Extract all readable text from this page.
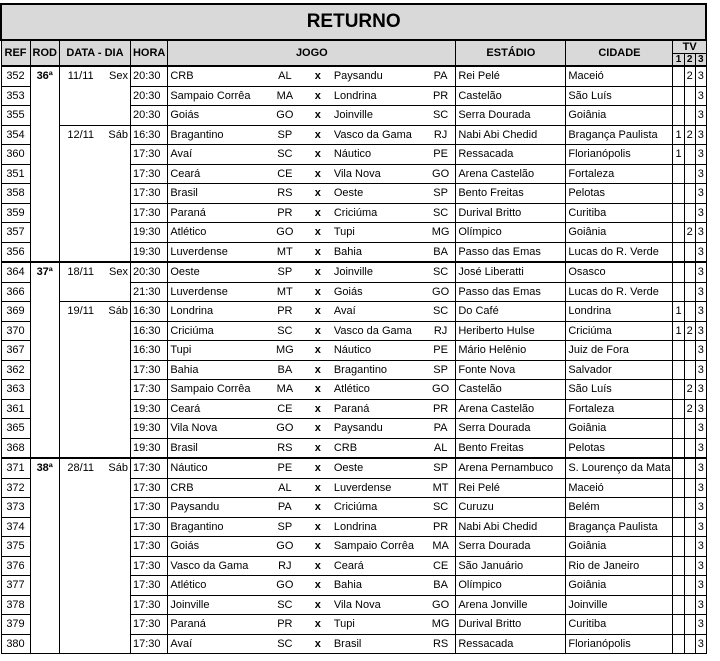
RETURNO														
REF	ROD	DATA - DIA		HORA	JOGO					ESTÁDIO	CIDADE	TV		
												1	2	3
352	36ª	11/11	Sex	20:30	CRB	AL	x	Paysandu	PA	Rei Pelé	Maceió		2	3
353				20:30	Sampaio Corrêa	MA	x	Londrina	PR	Castelão	São Luís			3
355				20:30	Goiás	GO	x	Joinville	SC	Serra Dourada	Goiânia			3
354		12/11	Sáb	16:30	Bragantino	SP	x	Vasco da Gama	RJ	Nabi Abi Chedid	Bragança Paulista	1	2	3
360				17:30	Avaí	SC	x	Náutico	PE	Ressacada	Florianópolis	1		3
351				17:30	Ceará	CE	x	Vila Nova	GO	Arena Castelão	Fortaleza			3
358				17:30	Brasil	RS	x	Oeste	SP	Bento Freitas	Pelotas			3
359				17:30	Paraná	PR	x	Criciúma	SC	Durival Britto	Curitiba			3
357				19:30	Atlético	GO	x	Tupi	MG	Olímpico	Goiânia		2	3
356				19:30	Luverdense	MT	x	Bahia	BA	Passo das Emas	Lucas do R. Verde			3
364	37ª	18/11	Sex	20:30	Oeste	SP	x	Joinville	SC	José Liberatti	Osasco			3
366				21:30	Luverdense	MT	x	Goiás	GO	Passo das Emas	Lucas do R. Verde			3
369		19/11	Sáb	16:30	Londrina	PR	x	Avaí	SC	Do Café	Londrina	1		3
370				16:30	Criciúma	SC	x	Vasco da Gama	RJ	Heriberto Hulse	Criciúma	1	2	3
367				16:30	Tupi	MG	x	Náutico	PE	Mário Helênio	Juiz de Fora			3
362				17:30	Bahia	BA	x	Bragantino	SP	Fonte Nova	Salvador			3
363				17:30	Sampaio Corrêa	MA	x	Atlético	GO	Castelão	São Luís		2	3
361				19:30	Ceará	CE	x	Paraná	PR	Arena Castelão	Fortaleza		2	3
365				19:30	Vila Nova	GO	x	Paysandu	PA	Serra Dourada	Goiânia			3
368				19:30	Brasil	RS	x	CRB	AL	Bento Freitas	Pelotas			3
371	38ª	28/11	Sáb	17:30	Náutico	PE	x	Oeste	SP	Arena Pernambuco	S. Lourenço da Mata			3
372				17:30	CRB	AL	x	Luverdense	MT	Rei Pelé	Maceió			3
373				17:30	Paysandu	PA	x	Criciúma	SC	Curuzu	Belém			3
374				17:30	Bragantino	SP	x	Londrina	PR	Nabi Abi Chedid	Bragança Paulista			3
375				17:30	Goiás	GO	x	Sampaio Corrêa	MA	Serra Dourada	Goiânia			3
376				17:30	Vasco da Gama	RJ	x	Ceará	CE	São Januário	Rio de Janeiro			3
377				17:30	Atlético	GO	x	Bahia	BA	Olímpico	Goiânia			3
378				17:30	Joinville	SC	x	Vila Nova	GO	Arena Jonville	Joinville			3
379				17:30	Paraná	PR	x	Tupi	MG	Durival Britto	Curitiba			3
380				17:30	Avaí	SC	x	Brasil	RS	Ressacada	Florianópolis			3
